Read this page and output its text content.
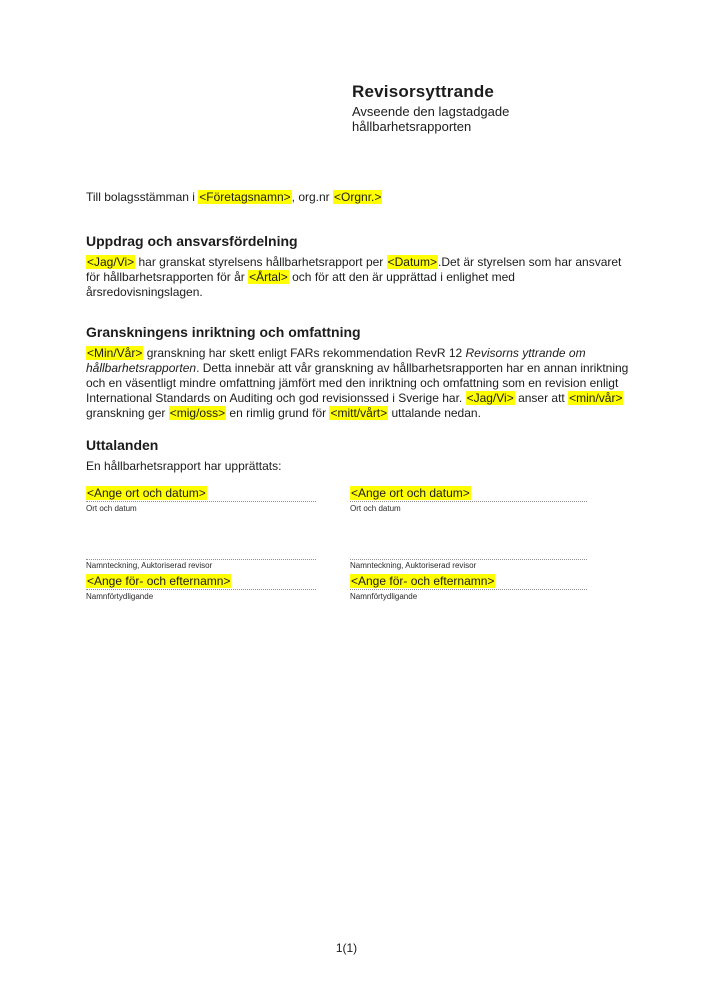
Revisorsyttrande
Avseende den lagstadgade
hållbarhetsrapporten
Till bolagsstämman i <Företagsnamn>, org.nr <Orgnr.>
Uppdrag och ansvarsfördelning
<Jag/Vi> har granskat styrelsens hållbarhetsrapport per <Datum>.Det är styrelsen som har ansvaret
för hållbarhetsrapporten för år <Årtal> och för att den är upprättad i enlighet med
årsredovisningslagen.
Granskningens inriktning och omfattning
<Min/Vår> granskning har skett enligt FARs rekommendation RevR 12 Revisorns yttrande om
hållbarhetsrapporten. Detta innebär att vår granskning av hållbarhetsrapporten har en annan inriktning
och en väsentligt mindre omfattning jämfört med den inriktning och omfattning som en revision enligt
International Standards on Auditing och god revisionssed i Sverige har. <Jag/Vi> anser att <min/vår>
granskning ger <mig/oss> en rimlig grund för <mitt/vårt> uttalande nedan.
Uttalanden
En hållbarhetsrapport har upprättats:
<Ange ort och datum>
Ort och datum
<Ange ort och datum>
Ort och datum
Namnteckning, Auktoriserad revisor
<Ange för- och efternamn>
Namnförtydligande
Namnteckning, Auktoriserad revisor
<Ange för- och efternamn>
Namnförtydligande
1(1)
